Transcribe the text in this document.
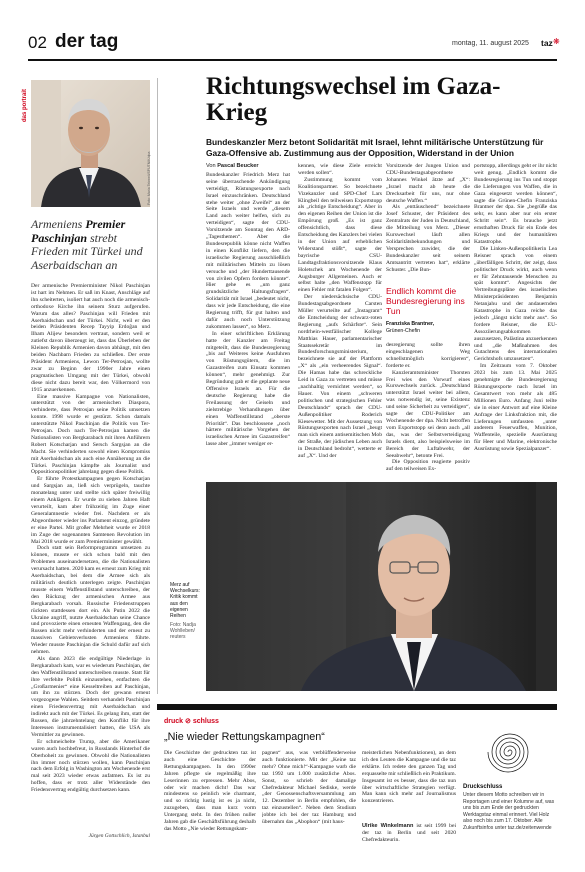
02 der tag	montag, 11. august 2025 taz ❋
das portrait
Foto: Maria Tekmeli/SPUTNIK/dpa
Armeniens Premier Paschinjan strebt Frieden mit Türkei und Aserbaidschan an

Der armenische Premierminister Nikol Paschinjan ist hart im Nehmen. Er saß im Knast, Anschläge auf ihn scheiterten, isoliert hat auch noch die armenisch-orthodoxe Kirche ihn seinem Sturz aufgerufen. Warum das alles? Paschinjan will Frieden mit Aserbaidschan und der Türkei. Nicht, weil er den beiden Präsidenten Recep Tayyip Erdoğan und Ilham Alijew besonders vertraut, sondern weil er zutiefst davon überzeugt ist, dass das Überleben der Kleinen Republik Armenien davon abhängt, mit den beiden Nachbarn Frieden zu schließen. Der erste Präsident Armeniens, Lewon Ter-Petrosjan, wollte zwar zu Beginn der 1990er Jahre einen pragmatischen Umgang mit der Türkei, obwohl diese nicht dazu bereit war, den Völkermord von 1915 anzuerkennen.

Eine massive Kampagne von Nationalisten, unterstützt von der armenischen Diaspora, verhinderte, dass Petrosjan seine Politik umsetzen konnte. 1998 wurde er gestürzt. Schon damals unterstützte Nikol Paschinjan die Politik von Ter-Petrosjan. Doch nach Ter-Petrosjan kamen die Nationalisten von Bergkarabach mit ihren Anführern Robert Kotscharjan und Sersch Sargsjan an die Macht. Sie verhinderten sowohl einen Kompromiss mit Aserbaidschan als auch eine Annäherung an die Türkei. Paschinjan kämpfte als Journalist und Oppositionspolitiker jahrelang gegen diese Politik.

Er führte Protestkampagnen gegen Kotscharjan und Sargsjan an, ließ sich verprügeln, tauchte monatelang unter und stellte sich später freiwillig einem Anklägern. Er wurde zu sieben Jahren Haft verurteilt, kam aber frühzeitig im Zuge einer Generalamnestie wieder frei. Nachdem er als Abgeordneter wieder ins Parlament einzog, gründete er eine Partei. Mit großer Mehrheit wurde er 2018 im Zuge der sogenannten Samtenen Revolution im Mai 2018 wurde er zum Premierminister gewählt.

Doch statt sein Reformprogramm umsetzen zu können, musste er sich schon bald mit den Problemen auseinandersetzen, die die Nationalisten verursacht hatten. 2020 kam es erneut zum Krieg mit Aserbaidschan, bei dem die Armee sich als militärisch deutlich unterlegen zeigte. Paschinjan musste einem Waffenstillstand unterschreiben, der den Rückzug der armenischen Armee aus Bergkarabach vorsah. Russische Friedenstruppen rückten stattdessen dort ein. Als Putin 2022 die Ukraine angriff, nutzte Aserbaidschan seine Chance und provozierte einen erneuten Waffengang, den die Russen nicht mehr verhinderten und der erneut zu massiven Gebietsverlusten Armeniens führte. Wieder musste Paschinjan die Schuld dafür auf sich nehmen.

Als dann 2023 die endgültige Niederlage in Bergkarabach kam, war es wiederum Paschinjan, der den Waffenstillstand unterschreiben musste. Statt für ihre verfehlte Politik einzustehen, entfachten die „Großarmenier“ eine Kesseltreiben auf Paschinjan, um ihn zu stürzen. Doch der gewann erneut vorgezogene Wahlen. Seitdem verhandelt Paschinjan einen Friedensvertrag mit Aserbaidschan und indirekt auch mit der Türkei. Es gelang ihm, statt der Russen, die jahrzehntelang den Konflikt für ihre Interessen instrumentalisiert hatten, die USA als Vermittler zu gewinnen.

Er schmeichelte Trump, aber die Amerikaner waren auch hochbefreut, in Russlands Hinterhof die Oberhoheit zu gewinnen. Obwohl die Nationalisten ihn immer noch stürzen wollen, kann Paschinjan nach dem Erfolg in Washington am Wochenende erst mal seit 2023 wieder etwas aufatmen. Es ist zu hoffen, dass er trotz aller Widerstände den Friedensvertrag endgültig durchsetzen kann.

Jürgen Gottschlich, Istanbul
Richtungswechsel im Gaza-Krieg
Bundeskanzler Merz betont Solidarität mit Israel, lehnt militärische Unterstützung für Gaza-Offensive ab. Zustimmung aus der Opposition, Widerstand in der Union

Von Pascal Beucker

Bundeskanzler Friedrich Merz hat seine überraschende Ankündigung verteidigt, Rüstungsexporte nach Israel einzuschränken. Deutschland stehe weiter „ohne Zweifel“ an der Seite Israels und werde „diesem Land auch weiter helfen, sich zu verteidigen“, sagte der CDU-Vorsitzende am Sonntag den ARD-„Tagesthemen“. Aber die Bundesrepublik könne nicht Waffen in einen Konflikt liefern, den die israelische Regierung ausschließlich mit militärischen Mitteln zu lösen versuche und „der Hunderttausende von zivilen Opfern fordern könnte“. Hier gehe es „um ganz grundsätzliche Haltungsfragen“. Solidarität mit Israel „bedeutet nicht, dass wir jede Entscheidung, die eine Regierung trifft, für gut halten und dafür auch noch Unterstützung zukommen lassen“, so Merz.

In einer schriftlichen Erklärung hatte der Kanzler am Freitag mitgeteilt, dass die Bundesregierung „bis auf Weiteres keine Ausfuhren von Rüstungsgütern, die im Gazastreifen zum Einsatz kommen können“, mehr genehmigt. Zur Begründung gab er die geplante neue Offensive Israels an. Für die deutsche Regierung habe die Freilassung der Geiseln und zielstrebige Verhandlungen über einen Waffenstillstand „oberste Priorität“. Das beschlossene „noch härtere militärische Vorgehen der israelischen Armee im Gazastreifen“ lasse aber „immer weniger er-

kennen, wie diese Ziele erreicht werden sollen“.

Zustimmung kommt vom Koalitionspartner. So bezeichnete Vizekanzler und SPD-Chef Lars Klingbeil den teilweisen Exportstopp als „richtige Entscheidung“. Aber in den eigenen Reihen der Union ist die Empörung groß. „Es ist ganz offensichtlich, dass diese Entscheidung des Kanzlers bei vielen in der Union auf erheblichen Widerstand stößt“, sagte der bayrische CSU-Landtagsfraktionsvorsitzende Klaus Holetschek am Wochenende der Augsburger Allgemeinen. Auch er selbst halte „den Waffenstopp für einen Fehler mit fatalen Folgen“.

Der niedersächsische CDU-Bundestagsabgeordnete Carsten Müller verurteilte auf „Instagram“ die Entscheidung der schwarz-roten Regierung „aufs Schärfste“. Sein nordrhein-westfälischer Kollege Matthias Hauer, parlamentarischer Staatssekretär im Bundesforschungsministerium, bezeichnete sie auf der Plattform „X“ als „ein verheerendes Signal“. Die Hamas habe das schreckliche Leid in Gaza zu vertreten und müsse „nachhaltig vernichtet werden“, so Hauer. Von einem „schweren politischen und strategischen Fehler Deutschlands“ sprach der CDU-Außenpolitiker Roderich Kiesewetter. Mit der Aussetzung von Rüstungsexporten nach Israel „beugt man sich einem antisemitischen Mob der Straße, der jüdischen Leben auch in Deutschland bedroht“, wetterte er auf „X“. Und der

Vorsitzende der Jungen Union und CDU-Bundestagsabgeordnete Johannes Winkel ätzte auf „X“: „Israel macht ab heute die Drecksarbeit für uns, nur ohne deutsche Waffen.“

Als „enttäuschend“ bezeichnete Josef Schuster, der Präsident des Zentralrats der Juden in Deutschland, die Mitteilung von Merz. „Dieser Kurswechsel läuft allen Solidaritätsbekundungen und Versprechen zuwider, die der Bundeskanzler seit seinem Amtsantritt vertreten hat“, erklärte Schuster. „Die Bun-

Endlich kommt die Bundesregierung ins Tun
Franziska Brantner,
Grünen-Chefin

desregierung sollte ihren eingeschlagenen Weg schnellstmöglich korrigieren“, forderte er.

Kanzleramtsminister Thorsten Frei wies den Vorwurf eines Kurswechsels zurück. „Deutschland unterstützt Israel weiter bei allem, was notwendig ist, seine Existenz und seine Sicherheit zu verteidigen“, sagte der CDU-Politiker am Wochenende der dpa. Nicht betroffen vom Exportstopp sei denn auch „all das, was der Selbstverteidigung Israels dient, also beispielsweise im Bereich der Luftabwehr, der Seeabwehr“, betonte Frei.

Die Opposition reagierte positiv auf den teilweisen Ex-

portstopp, allerdings geht er ihr nicht weit genug. „Endlich kommt die Bundesregierung ins Tun und stoppt die Lieferungen von Waffen, die in Gaza eingesetzt werden können“, sagte die Grünen-Chefin Franziska Brantner der dpa. Sie „begrüße das sehr, es kann aber nur ein erster Schritt sein“. Es brauche jetzt ernsthaften Druck für ein Ende des Kriegs und der humanitären Katastrophe.

Die Linken-Außenpolitikerin Lea Reisner sprach von einem „überfälligen Schritt, der zeigt, dass politischer Druck wirkt, auch wenn er für Zehntausende Menschen zu spät kommt“. Angesichts der Vertreibungspläne des israelischen Ministerpräsidenten Benjamin Netanjahu und der andauernden Katastrophe in Gaza reiche das jedoch „längst nicht mehr aus“. So fordere Reisner, die EU-Assoziierungsabkommen auszusetzen, Palästina anzuerkennen und „die Maßnahmen des Gutachtens des internationalen Gerichtshofs umzusetzen“.

Im Zeitraum vom 7. Oktober 2023 bis zum 13. Mai 2025 genehmigte die Bundesregierung Rüstungsexporte nach Israel im Gesamtwert von mehr als 485 Millionen Euro. Anfang Juni teilte sie in einer Antwort auf eine Kleine Anfrage der Linksfraktion mit, die Lieferungen umfassten „unter anderem Feuerwaffen, Munition, Waffenteile, spezielle Ausrüstung für Heer und Marine, elektronische Ausrüstung sowie Spezialpanzer“.

Merz auf Wechselkurs: Kritik kommt aus den eigenen Reihen
Foto: Nadja Wohlleben/ reuters
druck ⊘ schluss
„Nie wieder Rettungskampagnen“

Die Geschichte der gedruckten taz ist auch eine Geschichte der Rettungskampagnen. In den 1990er Jahren pflegte sie regelmäßig ihre Leserinnen zu erpressen. Mehr Abos, oder wir machen dicht! Das war mindestens so peinlich wie charmant, und so richtig lustig ist es ja nicht, zuzugeben, dass man kurz vorm Untergang steht. In den frühen nuller Jahren gab die Geschäftsführung deshalb das Motto „Nie wieder Rettungskam-

pagnen“ aus, was verblüffenderweise auch funktionierte. Mit der „Keine taz mehr? Ohne mich!“-Kampagne warb die taz 1992 um 1.000 zusätzliche Abos. Sonst, so schrieb der damalige Chefredakteur Michael Sediske, werde „der Genossenschaftsversammlung am 12. Dezember in Berlin empfohlen, die taz einzustellen“. Neben dem Studium jobbte ich bei der taz Hamburg und übernahm das „Abophon“ (mit haus-

meisterlichen Nebenfunktionen), an dem ich den Leuten die Kampagne und die taz erklärte. Ich redete den ganzen Tag und erquasselte mir schließlich ein Praktikum. Insgesamt ist es besser, dass die taz nun über wirtschaftliche Strategien verfügt. Man kann sich mehr auf Journalismus konzentrieren.

Ulrike Winkelmann ist seit 1999 bei der taz in Berlin und seit 2020 Chefredakteurin.

Druckschluss
Unter diesem Motto schreiben wir in Reportagen und einer Kolumne auf, was uns bis zum Ende der gedruckten Werktagstaz einmal erinnert. Viel Holz also noch bis zum 17. Oktober. Alle Zukunftsinfos unter taz.de/zeitenwende
